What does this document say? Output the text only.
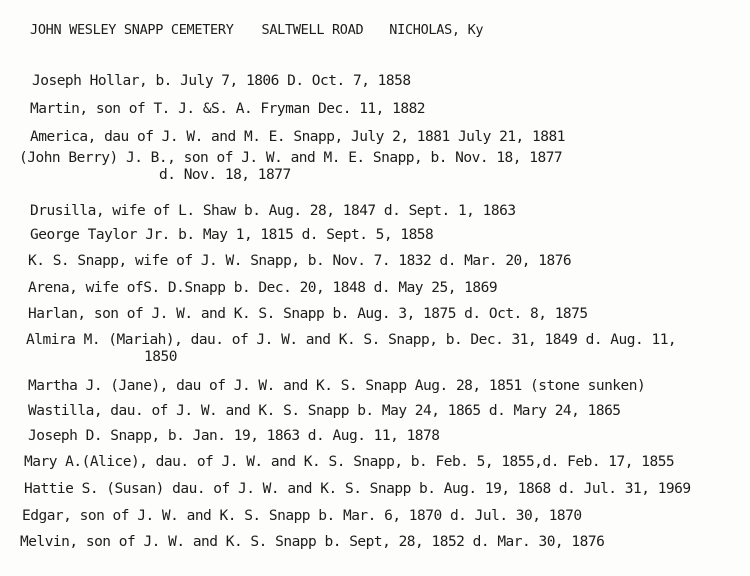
JOHN WESLEY SNAPP CEMETERY SALTWELL ROAD NICHOLAS, Ky
Joseph Hollar, b. July 7, 1806 D. Oct. 7, 1858
Martin, son of T. J. &S. A. Fryman Dec. 11, 1882
America, dau of J. W. and M. E. Snapp, July 2, 1881 July 21, 1881
(John Berry) J. B., son of J. W. and M. E. Snapp, b. Nov. 18, 1877
d. Nov. 18, 1877
Drusilla, wife of L. Shaw b. Aug. 28, 1847 d. Sept. 1, 1863
George Taylor Jr. b. May 1, 1815 d. Sept. 5, 1858
K. S. Snapp, wife of J. W. Snapp, b. Nov. 7. 1832 d. Mar. 20, 1876
Arena, wife ofS. D.Snapp b. Dec. 20, 1848 d. May 25, 1869
Harlan, son of J. W. and K. S. Snapp b. Aug. 3, 1875 d. Oct. 8, 1875
Almira M. (Mariah), dau. of J. W. and K. S. Snapp, b. Dec. 31, 1849 d. Aug. 11,
1850
Martha J. (Jane), dau of J. W. and K. S. Snapp Aug. 28, 1851 (stone sunken)
Wastilla, dau. of J. W. and K. S. Snapp b. May 24, 1865 d. Mary 24, 1865
Joseph D. Snapp, b. Jan. 19, 1863 d. Aug. 11, 1878
Mary A.(Alice), dau. of J. W. and K. S. Snapp, b. Feb. 5, 1855,d. Feb. 17, 1855
Hattie S. (Susan) dau. of J. W. and K. S. Snapp b. Aug. 19, 1868 d. Jul. 31, 1969
Edgar, son of J. W. and K. S. Snapp b. Mar. 6, 1870 d. Jul. 30, 1870
Melvin, son of J. W. and K. S. Snapp b. Sept, 28, 1852 d. Mar. 30, 1876
